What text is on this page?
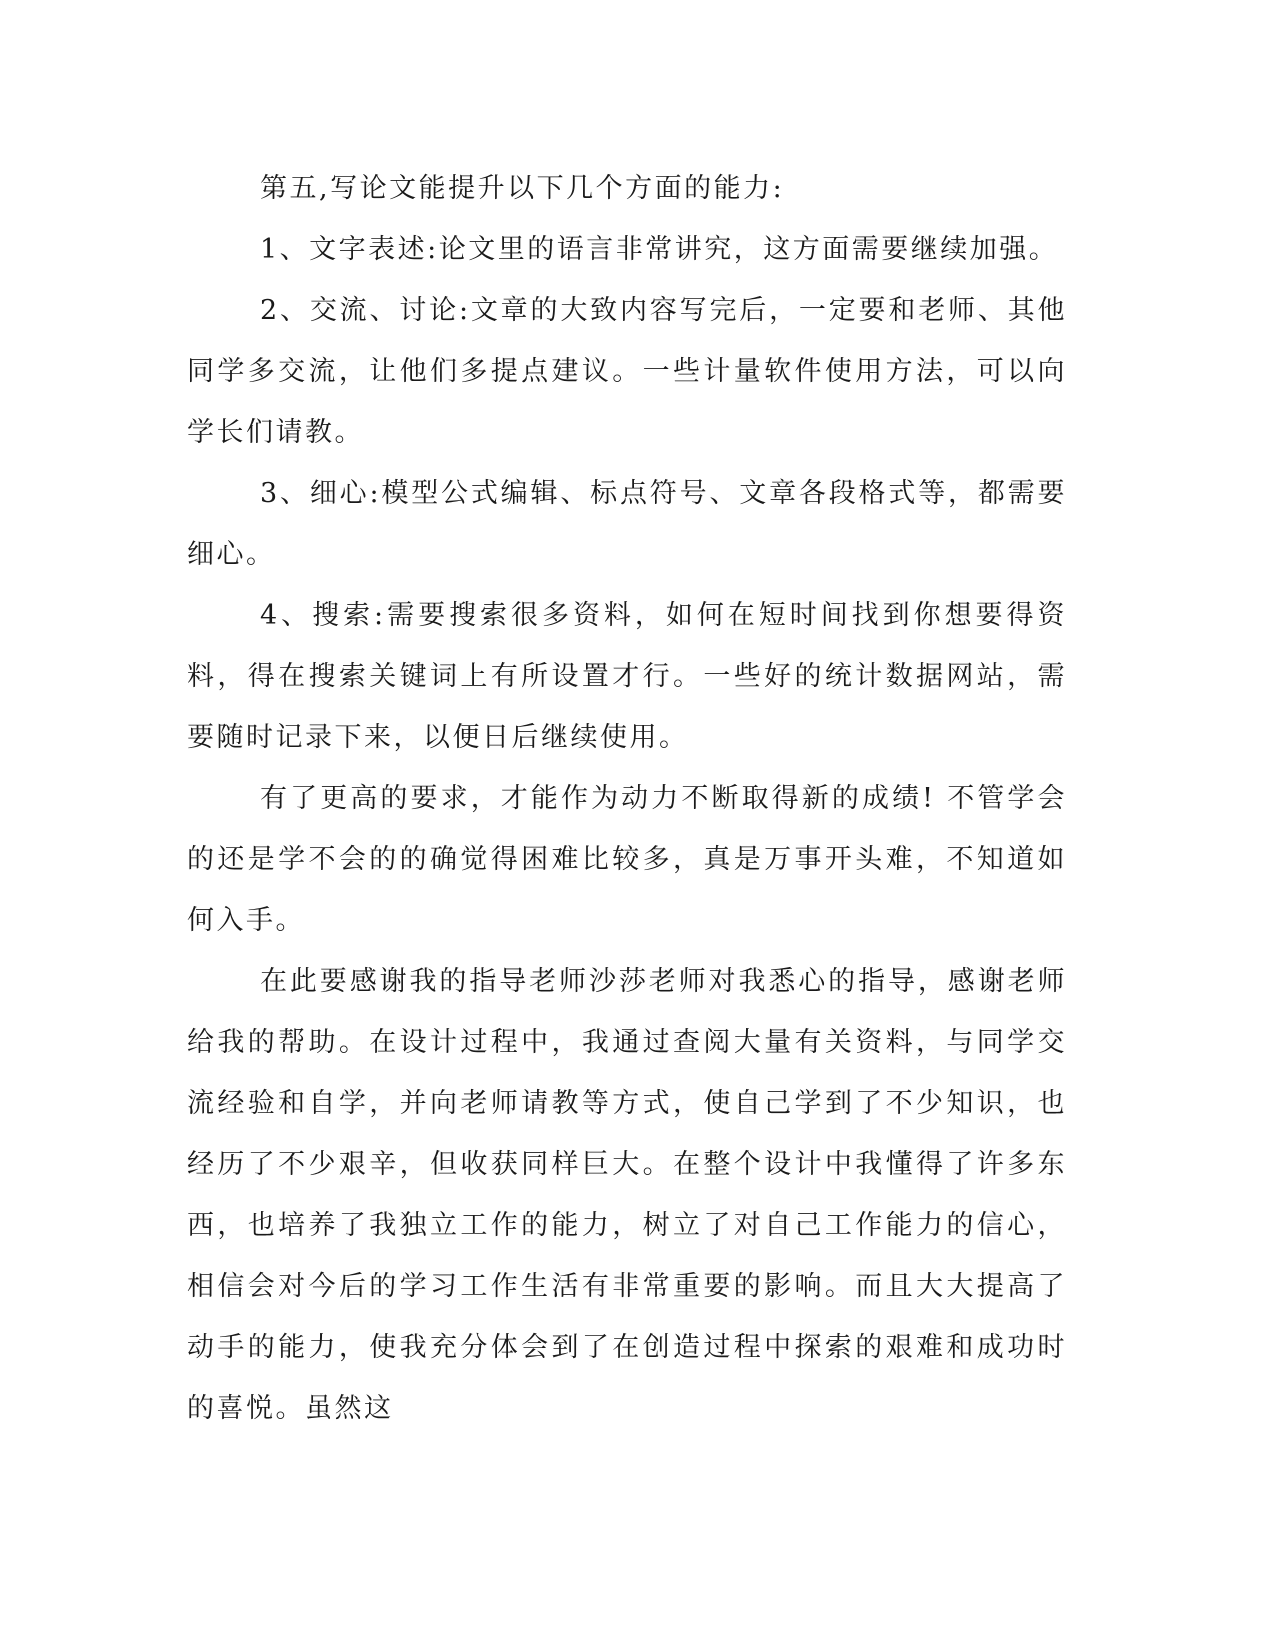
第五,写论文能提升以下几个方面的能力:

1、文字表述:论文里的语言非常讲究，这方面需要继续加强。

2、交流、讨论:文章的大致内容写完后，一定要和老师、其他同学多交流，让他们多提点建议。一些计量软件使用方法，可以向学长们请教。

3、细心:模型公式编辑、标点符号、文章各段格式等，都需要细心。

4、搜索:需要搜索很多资料，如何在短时间找到你想要得资料，得在搜索关键词上有所设置才行。一些好的统计数据网站，需要随时记录下来，以便日后继续使用。

有了更高的要求，才能作为动力不断取得新的成绩! 不管学会的还是学不会的的确觉得困难比较多，真是万事开头难，不知道如何入手。

在此要感谢我的指导老师沙莎老师对我悉心的指导，感谢老师给我的帮助。在设计过程中，我通过查阅大量有关资料，与同学交流经验和自学，并向老师请教等方式，使自己学到了不少知识，也经历了不少艰辛，但收获同样巨大。在整个设计中我懂得了许多东西，也培养了我独立工作的能力，树立了对自己工作能力的信心，相信会对今后的学习工作生活有非常重要的影响。而且大大提高了动手的能力，使我充分体会到了在创造过程中探索的艰难和成功时的喜悦。虽然这
